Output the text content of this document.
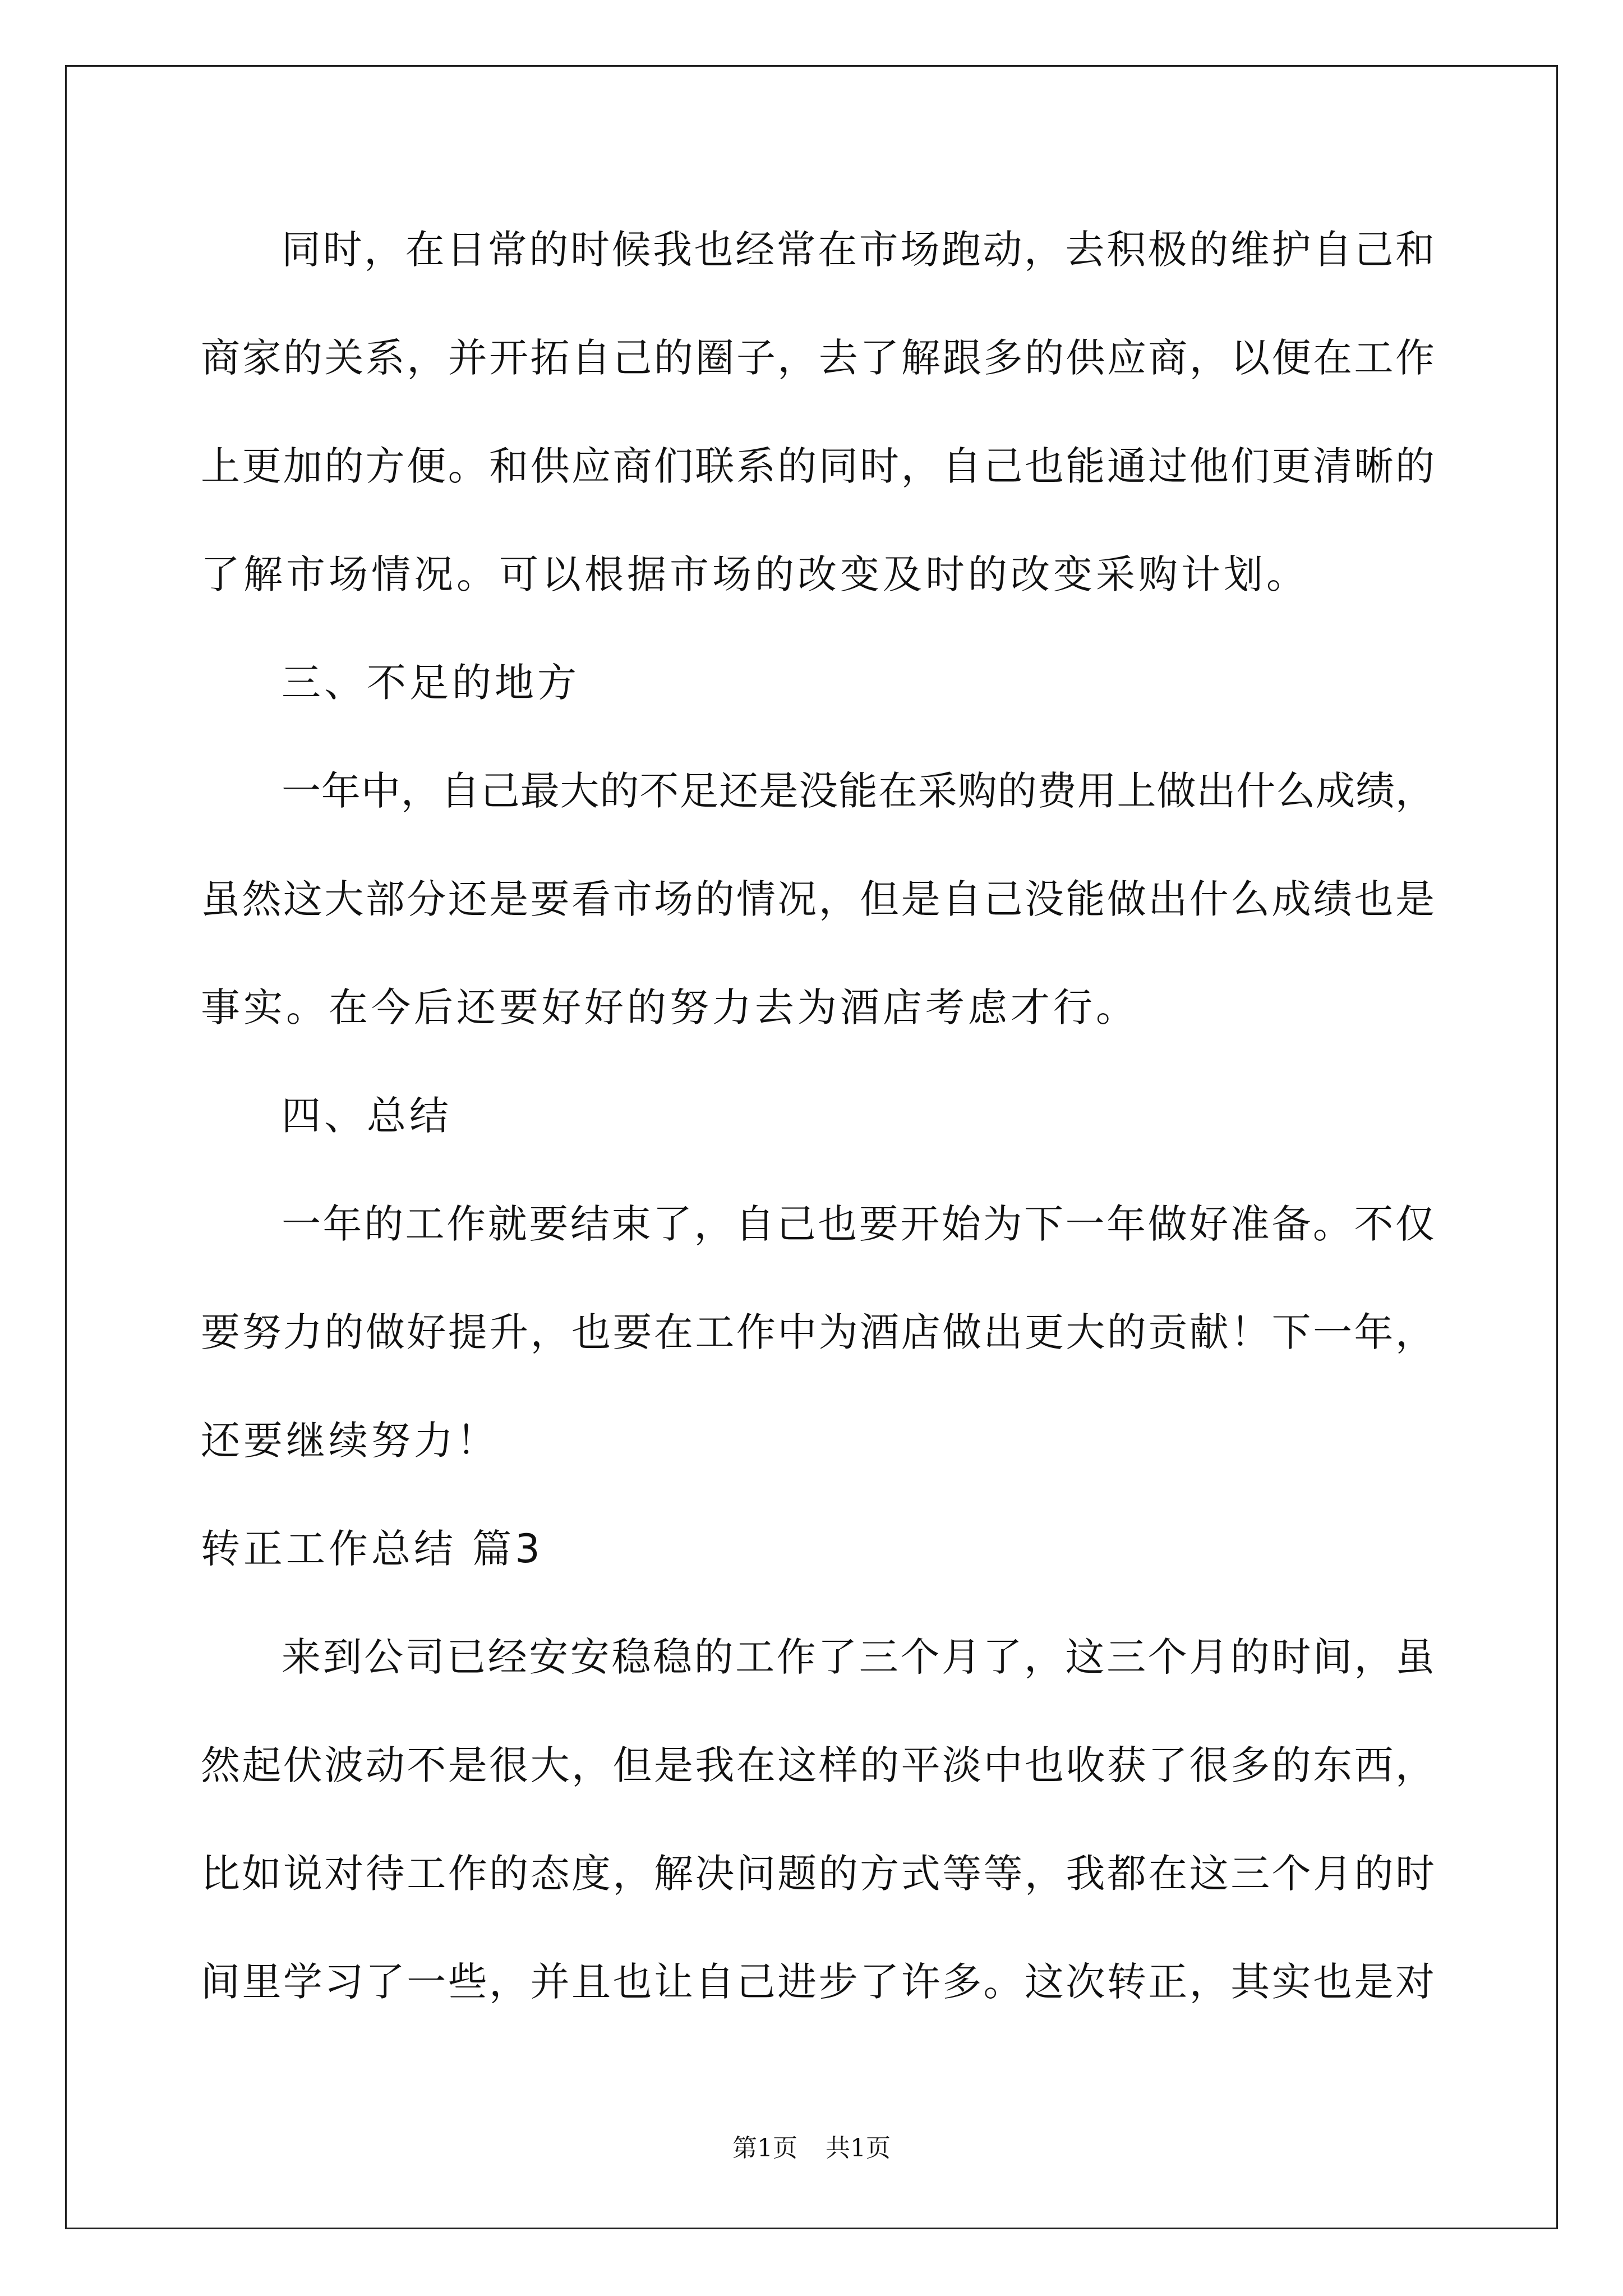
同时，在日常的时候我也经常在市场跑动，去积极的维护自己和
商家的关系，并开拓自己的圈子，去了解跟多的供应商，以便在工作
上更加的方便。和供应商们联系的同时，自己也能通过他们更清晰的
了解市场情况。可以根据市场的改变及时的改变采购计划。
三、不足的地方
一年中，自己最大的不足还是没能在采购的费用上做出什么成绩，
虽然这大部分还是要看市场的情况，但是自己没能做出什么成绩也是
事实。在今后还要好好的努力去为酒店考虑才行。
四、总结
一年的工作就要结束了，自己也要开始为下一年做好准备。不仅
要努力的做好提升，也要在工作中为酒店做出更大的贡献！下一年，
还要继续努力！
转正工作总结 篇3
来到公司已经安安稳稳的工作了三个月了，这三个月的时间，虽
然起伏波动不是很大，但是我在这样的平淡中也收获了很多的东西，
比如说对待工作的态度，解决问题的方式等等，我都在这三个月的时
间里学习了一些，并且也让自己进步了许多。这次转正，其实也是对
第1页 共1页
